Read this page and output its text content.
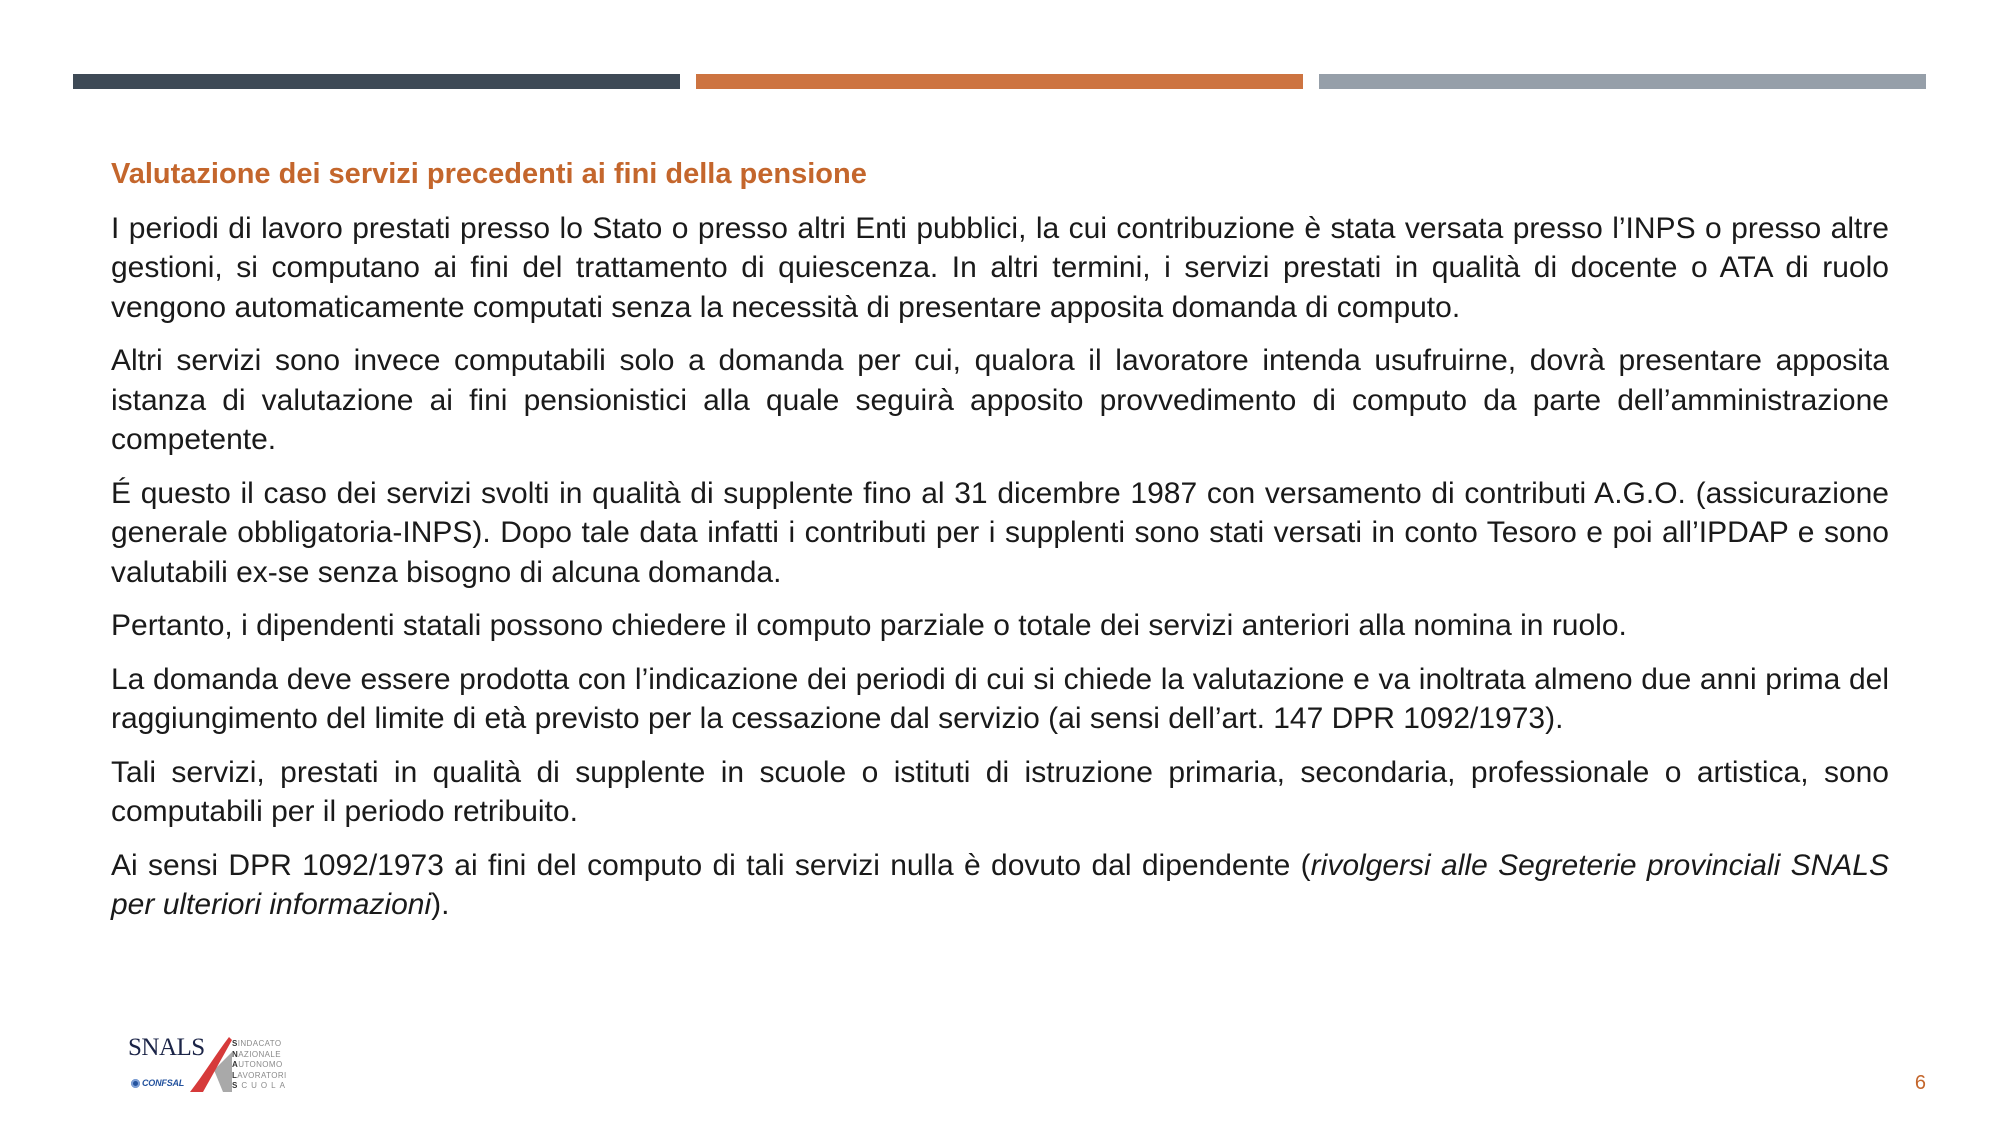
Valutazione dei servizi precedenti ai fini della pensione

I periodi di lavoro prestati presso lo Stato o presso altri Enti pubblici, la cui contribuzione è stata versata presso l’INPS o presso altre gestioni, si computano ai fini del trattamento di quiescenza. In altri termini, i servizi prestati in qualità di docente o ATA di ruolo vengono automaticamente computati senza la necessità di presentare apposita domanda di computo.

Altri servizi sono invece computabili solo a domanda per cui, qualora il lavoratore intenda usufruirne, dovrà presentare apposita istanza di valutazione ai fini pensionistici alla quale seguirà apposito provvedimento di computo da parte dell’amministrazione competente.

É questo il caso dei servizi svolti in qualità di supplente fino al 31 dicembre 1987 con versamento di contributi A.G.O. (assicurazione generale obbligatoria-INPS). Dopo tale data infatti i contributi per i supplenti sono stati versati in conto Tesoro e poi all’IPDAP e sono valutabili ex-se senza bisogno di alcuna domanda.

Pertanto, i dipendenti statali possono chiedere il computo parziale o totale dei servizi anteriori alla nomina in ruolo.

La domanda deve essere prodotta con l’indicazione dei periodi di cui si chiede la valutazione e va inoltrata almeno due anni prima del raggiungimento del limite di età previsto per la cessazione dal servizio (ai sensi dell’art. 147 DPR 1092/1973).

Tali servizi, prestati in qualità di supplente in scuole o istituti di istruzione primaria, secondaria, professionale o artistica, sono computabili per il periodo retribuito.

Ai sensi DPR 1092/1973 ai fini del computo di tali servizi nulla è dovuto dal dipendente (rivolgersi alle Segreterie provinciali SNALS per ulteriori informazioni).

SNALS	SINDACATO
NAZIONALE
AUTONOMO
LAVORATORI
SCUOLA
CONFSAL	6
